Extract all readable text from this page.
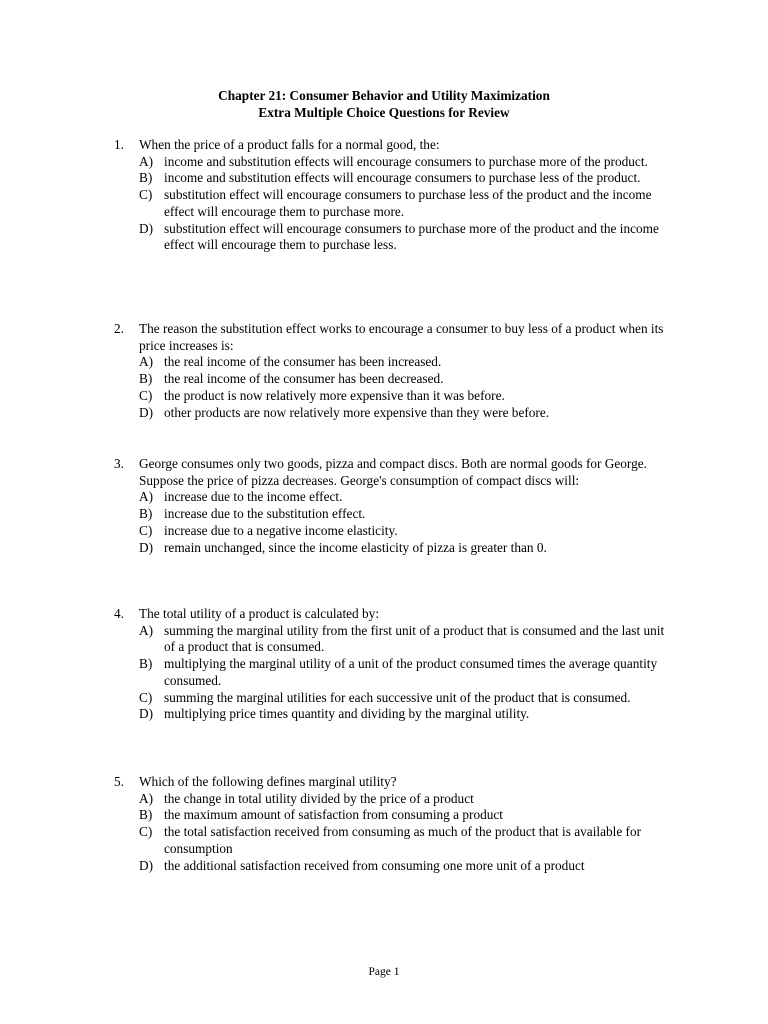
Chapter 21: Consumer Behavior and Utility Maximization
Extra Multiple Choice Questions for Review
1.	When the price of a product falls for a normal good, the:
A) income and substitution effects will encourage consumers to purchase more of the product.
B) income and substitution effects will encourage consumers to purchase less of the product.
C) substitution effect will encourage consumers to purchase less of the product and the income effect will encourage them to purchase more.
D) substitution effect will encourage consumers to purchase more of the product and the income effect will encourage them to purchase less.
2.	The reason the substitution effect works to encourage a consumer to buy less of a product when its price increases is:
A) the real income of the consumer has been increased.
B) the real income of the consumer has been decreased.
C) the product is now relatively more expensive than it was before.
D) other products are now relatively more expensive than they were before.
3.	George consumes only two goods, pizza and compact discs. Both are normal goods for George. Suppose the price of pizza decreases. George's consumption of compact discs will:
A) increase due to the income effect.
B) increase due to the substitution effect.
C) increase due to a negative income elasticity.
D) remain unchanged, since the income elasticity of pizza is greater than 0.
4.	The total utility of a product is calculated by:
A) summing the marginal utility from the first unit of a product that is consumed and the last unit of a product that is consumed.
B) multiplying the marginal utility of a unit of the product consumed times the average quantity consumed.
C) summing the marginal utilities for each successive unit of the product that is consumed.
D) multiplying price times quantity and dividing by the marginal utility.
5.	Which of the following defines marginal utility?
A) the change in total utility divided by the price of a product
B) the maximum amount of satisfaction from consuming a product
C) the total satisfaction received from consuming as much of the product that is available for consumption
D) the additional satisfaction received from consuming one more unit of a product
Page 1
